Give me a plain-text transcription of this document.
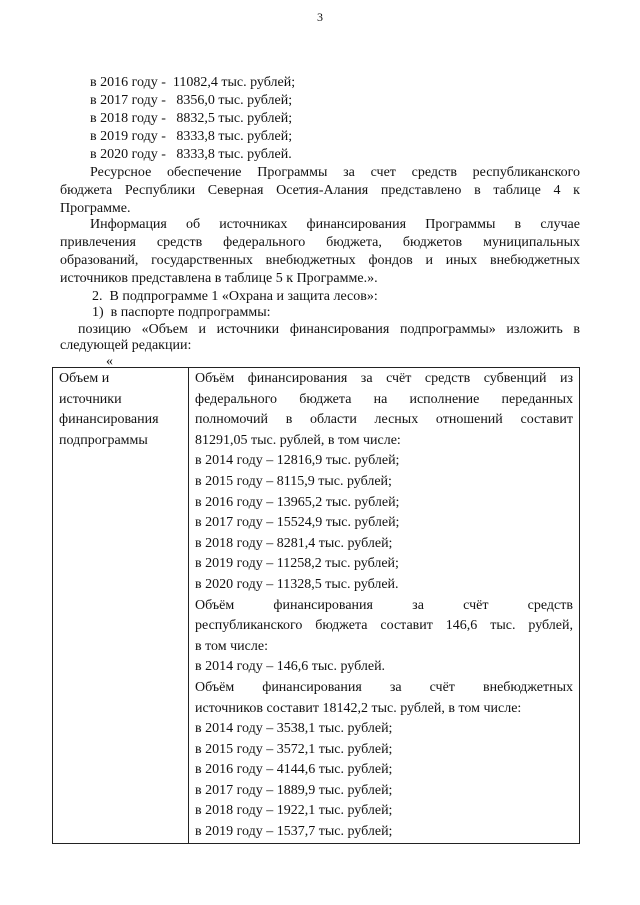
3
в 2016 году -  11082,4 тыс. рублей;
в 2017 году -   8356,0 тыс. рублей;
в 2018 году -   8832,5 тыс. рублей;
в 2019 году -   8333,8 тыс. рублей;
в 2020 году -   8333,8 тыс. рублей.
Ресурсное обеспечение Программы за счет средств республиканского
бюджета Республики Северная Осетия-Алания представлено в таблице 4 к
Программе.
Информация об источниках финансирования Программы в случае
привлечения средств федерального бюджета, бюджетов муниципальных
образований, государственных внебюджетных фондов и иных внебюджетных
источников представлена в таблице 5 к Программе.».
2.  В подпрограмме 1 «Охрана и защита лесов»:
1)  в паспорте подпрограммы:
позицию «Объем и источники финансирования подпрограммы» изложить в
следующей редакции:
«
Объем и
источники
финансирования
подпрограммы

Объём финансирования за счёт средств субвенций из
федерального бюджета на исполнение переданных
полномочий в области лесных отношений составит
81291,05 тыс. рублей, в том числе:
в 2014 году – 12816,9 тыс. рублей;
в 2015 году – 8115,9 тыс. рублей;
в 2016 году – 13965,2 тыс. рублей;
в 2017 году – 15524,9 тыс. рублей;
в 2018 году – 8281,4 тыс. рублей;
в 2019 году – 11258,2 тыс. рублей;
в 2020 году – 11328,5 тыс. рублей.
Объём финансирования за счёт средств
республиканского бюджета составит 146,6 тыс. рублей,
в том числе:
в 2014 году – 146,6 тыс. рублей.
Объём финансирования за счёт внебюджетных
источников составит 18142,2 тыс. рублей, в том числе:
в 2014 году – 3538,1 тыс. рублей;
в 2015 году – 3572,1 тыс. рублей;
в 2016 году – 4144,6 тыс. рублей;
в 2017 году – 1889,9 тыс. рублей;
в 2018 году – 1922,1 тыс. рублей;
в 2019 году – 1537,7 тыс. рублей;
